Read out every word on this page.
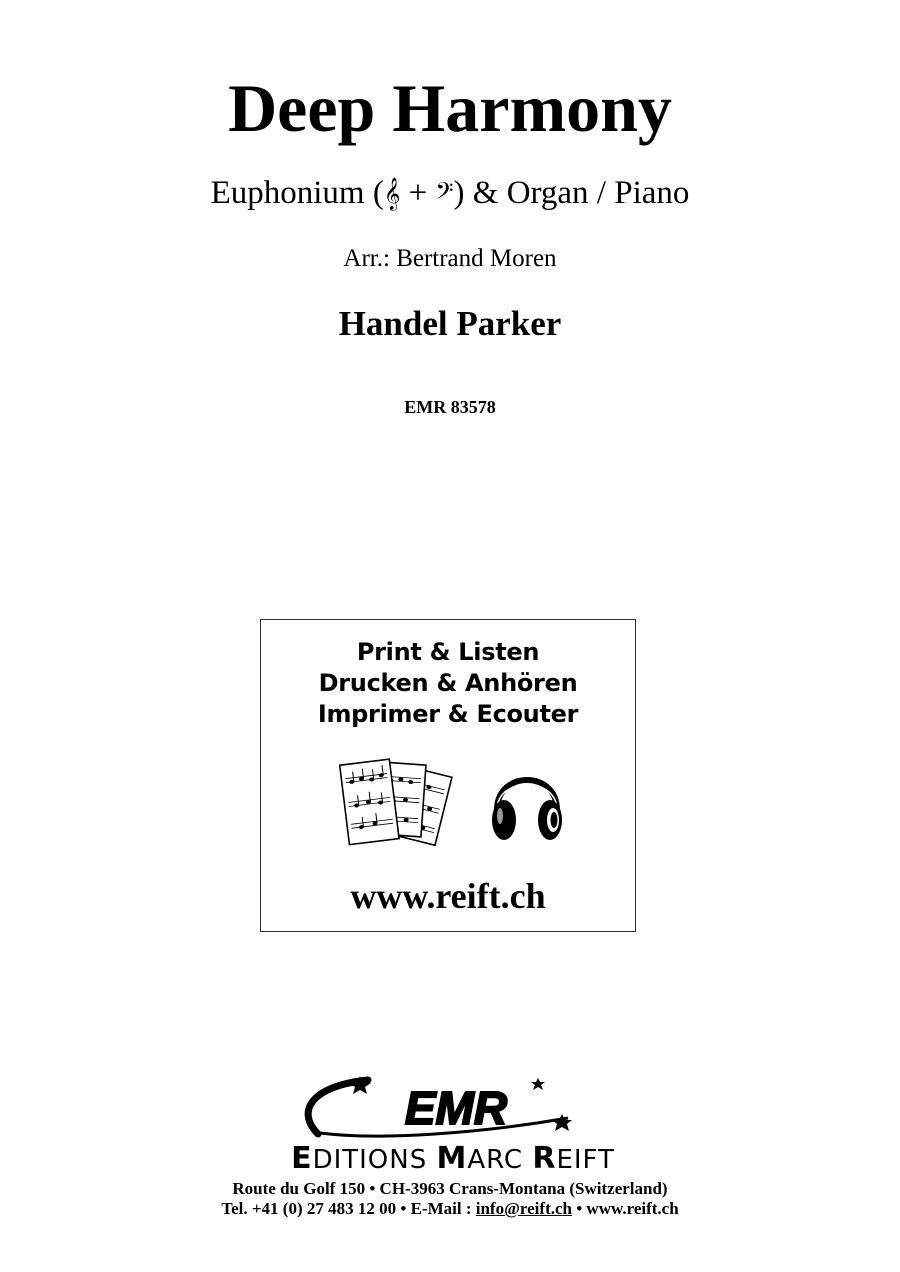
Deep Harmony
Euphonium (𝄞 + 𝄢) & Organ / Piano
Arr.: Bertrand Moren
Handel Parker
EMR 83578
Print & Listen
Drucken & Anhören
Imprimer & Ecouter
www.reift.ch
EMR
EDITIONS MARC REIFT
Route du Golf 150 • CH-3963 Crans-Montana (Switzerland)
Tel. +41 (0) 27 483 12 00 • E-Mail : info@reift.ch • www.reift.ch
